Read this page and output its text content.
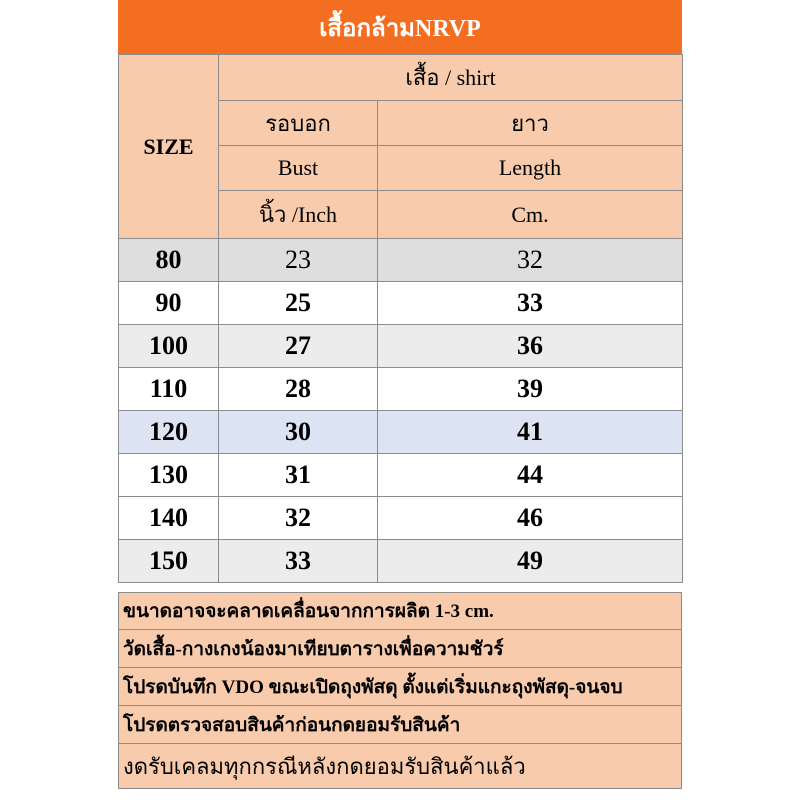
เสื้อกล้ามNRVP
SIZE	เสื้อ / shirt	
	รอบอก	ยาว
	Bust	Length
	นิ้ว /Inch	Cm.
80	23	32
90	25	33
100	27	36
110	28	39
120	30	41
130	31	44
140	32	46
150	33	49
ขนาดอาจจะคลาดเคลื่อนจากการผลิต 1-3 cm.
วัดเสื้อ-กางเกงน้องมาเทียบตารางเพื่อความชัวร์
โปรดบันทึก VDO ขณะเปิดถุงพัสดุ ตั้งแต่เริ่มแกะถุงพัสดุ-จนจบ
โปรดตรวจสอบสินค้าก่อนกดยอมรับสินค้า
งดรับเคลมทุกกรณีหลังกดยอมรับสินค้าแล้ว
